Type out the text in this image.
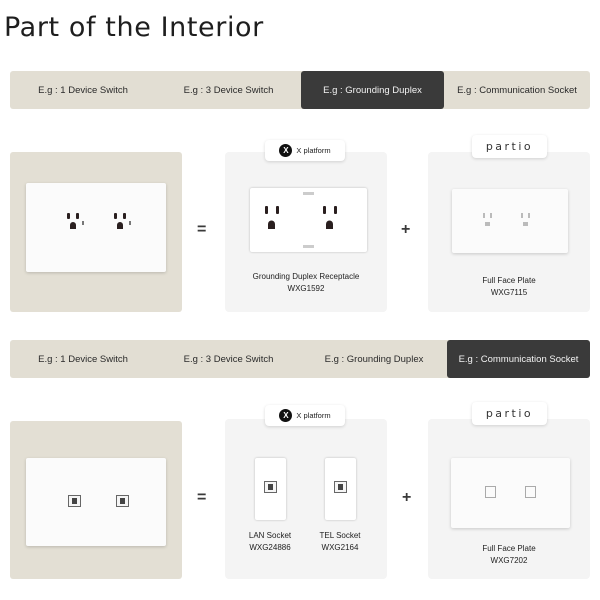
Part of the Interior
E.g : 1 Device Switch	E.g : 3 Device Switch	E.g : Grounding Duplex	E.g : Communication Socket
=
X	X platform
Grounding Duplex Receptacle
WXG1592
+
partio
Full Face Plate
WXG7115
E.g : 1 Device Switch	E.g : 3 Device Switch	E.g : Grounding Duplex	E.g : Communication Socket
=
X	X platform
LAN Socket
WXG24886
TEL Socket
WXG2164
+
partio
Full Face Plate
WXG7202
